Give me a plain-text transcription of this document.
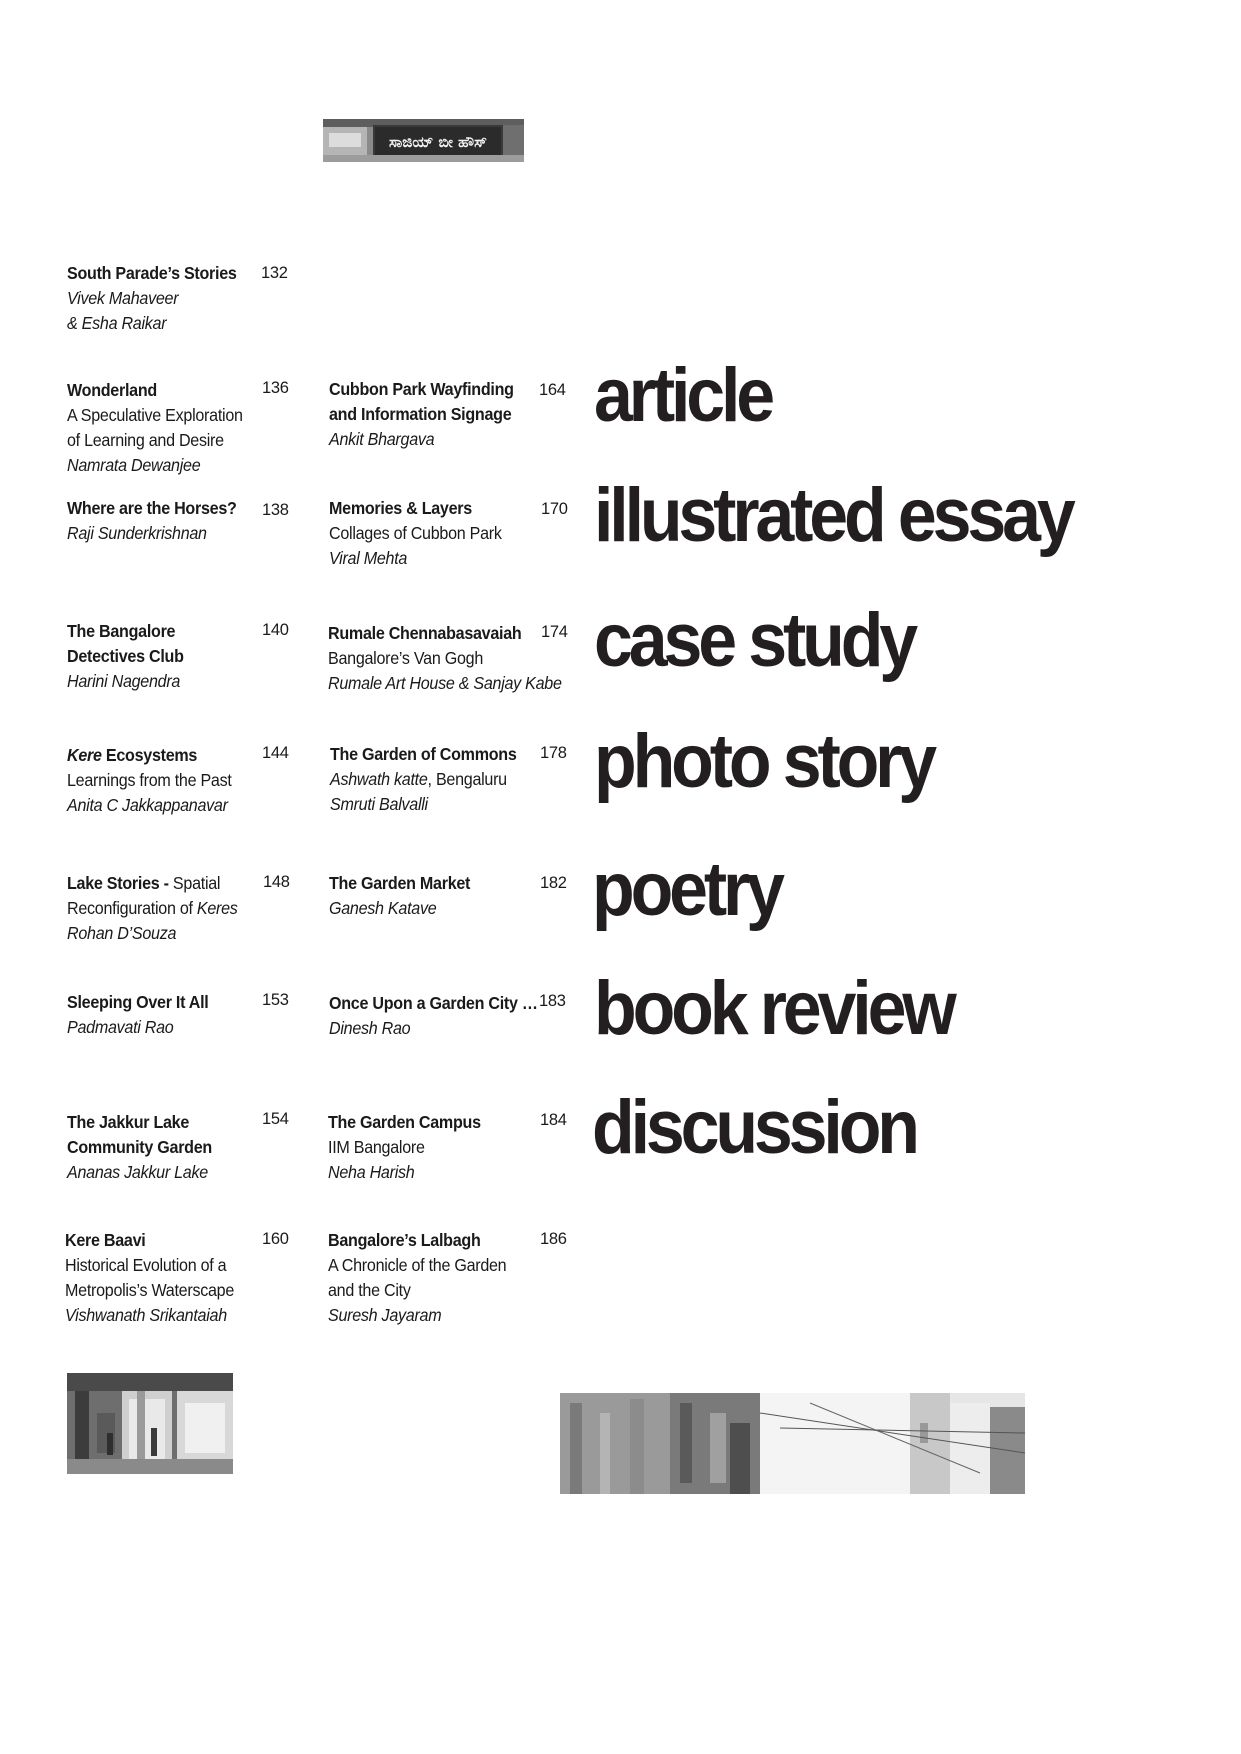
ಸಾಜಿಯ್ ಬೀ ಹೌಸ್
South Parade’s Stories
Vivek Mahaveer
& Esha Raikar
132
Wonderland
A Speculative Exploration
of Learning and Desire
Namrata Dewanjee
136
Where are the Horses?
Raji Sunderkrishnan
138
The Bangalore
Detectives Club
Harini Nagendra
140
Kere Ecosystems
Learnings from the Past
Anita C Jakkappanavar
144
Lake Stories - Spatial
Reconfiguration of Keres
Rohan D’Souza
148
Sleeping Over It All
Padmavati Rao
153
The Jakkur Lake
Community Garden
Ananas Jakkur Lake
154
Kere Baavi
Historical Evolution of a
Metropolis’s Waterscape
Vishwanath Srikantaiah
160
Cubbon Park Wayfinding
and Information Signage
Ankit Bhargava
164
Memories & Layers
Collages of Cubbon Park
Viral Mehta
170
Rumale Chennabasavaiah
Bangalore’s Van Gogh
Rumale Art House & Sanjay Kabe
174
The Garden of Commons
Ashwath katte, Bengaluru
Smruti Balvalli
178
The Garden Market
Ganesh Katave
182
Once Upon a Garden City …
Dinesh Rao
183
The Garden Campus
IIM Bangalore
Neha Harish
184
Bangalore’s Lalbagh
A Chronicle of the Garden
and the City
Suresh Jayaram
186
article
illustrated essay
case study
photo story
poetry
book review
discussion
